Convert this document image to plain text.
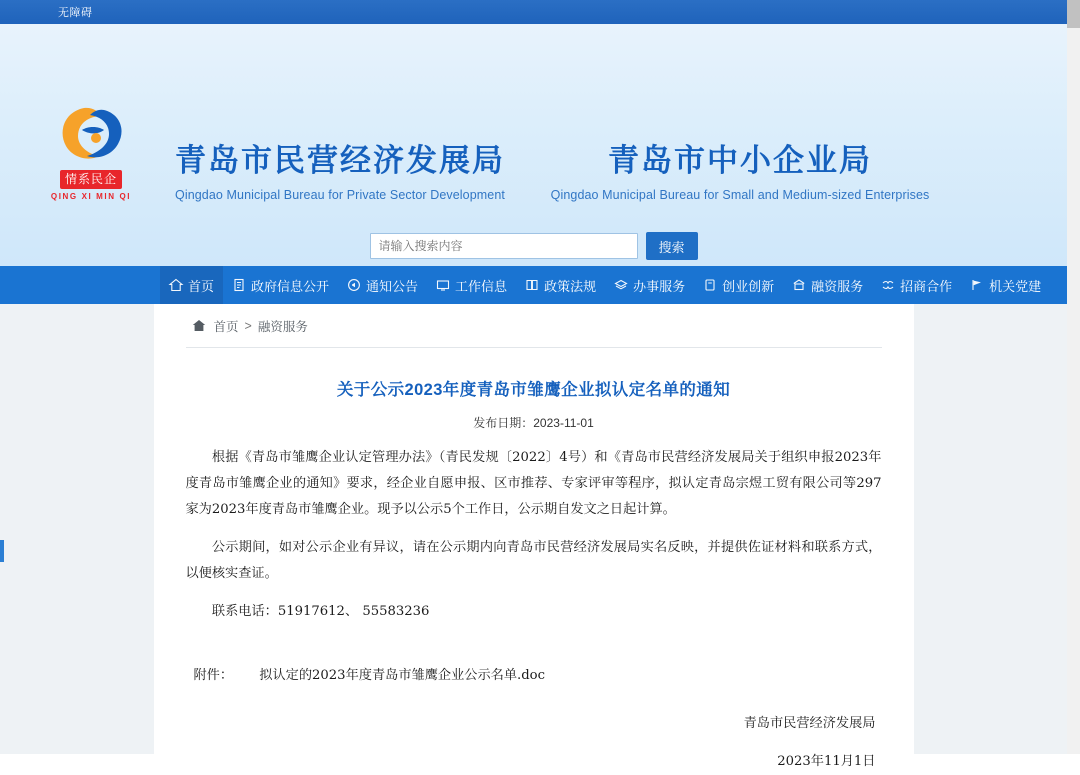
无障碍
情系民企
QING XI MIN QI
青岛市民营经济发展局
Qingdao Municipal Bureau for Private Sector Development
青岛市中小企业局
Qingdao Municipal Bureau for Small and Medium-sized Enterprises
请输入搜索内容
搜索
首页	政府信息公开	通知公告	工作信息	政策法规	办事服务	创业创新	融资服务	招商合作	机关党建
首页 > 融资服务
关于公示2023年度青岛市雏鹰企业拟认定名单的通知
发布日期：2023-11-01

根据《青岛市雏鹰企业认定管理办法》（青民发规〔2022〕4号）和《青岛市民营经济发展局关于组织申报2023年度青岛市雏鹰企业的通知》要求，经企业自愿申报、区市推荐、专家评审等程序，拟认定青岛宗煜工贸有限公司等297家为2023年度青岛市雏鹰企业。现予以公示5个工作日，公示期自发文之日起计算。

公示期间，如对公示企业有异议，请在公示期内向青岛市民营经济发展局实名反映，并提供佐证材料和联系方式，以便核实查证。

联系电话：51917612、 55583236

附件： 拟认定的2023年度青岛市雏鹰企业公示名单.doc
青岛市民营经济发展局
2023年11月1日
